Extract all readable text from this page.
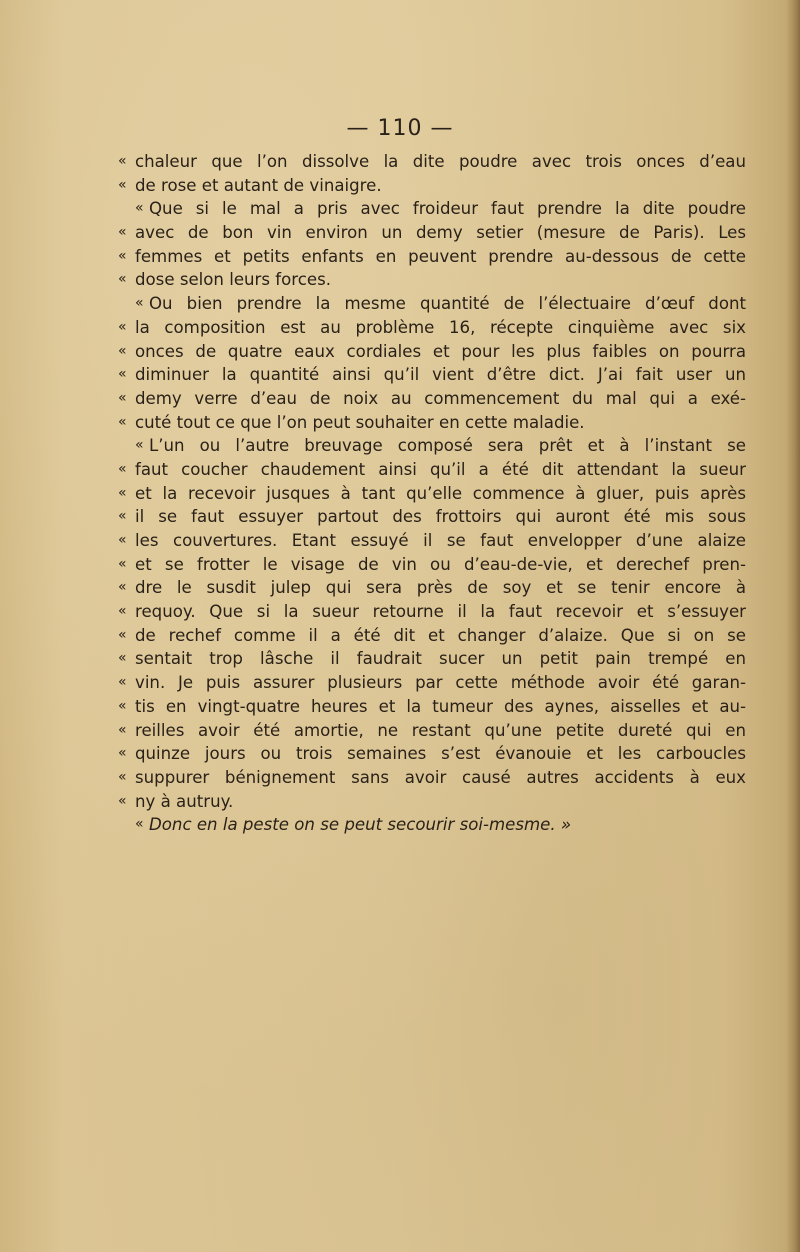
— 110 —
« chaleur que l’on dissolve la dite poudre avec trois onces d’eau
« de rose et autant de vinaigre.
« Que si le mal a pris avec froideur faut prendre la dite poudre
« avec de bon vin environ un demy setier (mesure de Paris). Les
« femmes et petits enfants en peuvent prendre au-dessous de cette
« dose selon leurs forces.
« Ou bien prendre la mesme quantité de l’électuaire d’œuf dont
« la composition est au problème 16, récepte cinquième avec six
« onces de quatre eaux cordiales et pour les plus faibles on pourra
« diminuer la quantité ainsi qu’il vient d’être dict. J’ai fait user un
« demy verre d’eau de noix au commencement du mal qui a exé-
« cuté tout ce que l’on peut souhaiter en cette maladie.
« L’un ou l’autre breuvage composé sera prêt et à l’instant se
« faut coucher chaudement ainsi qu’il a été dit attendant la sueur
« et la recevoir jusques à tant qu’elle commence à gluer, puis après
« il se faut essuyer partout des frottoirs qui auront été mis sous
« les couvertures. Etant essuyé il se faut envelopper d’une alaize
« et se frotter le visage de vin ou d’eau-de-vie, et derechef pren-
« dre le susdit julep qui sera près de soy et se tenir encore à
« requoy. Que si la sueur retourne il la faut recevoir et s’essuyer
« de rechef comme il a été dit et changer d’alaize. Que si on se
« sentait trop lâsche il faudrait sucer un petit pain trempé en
« vin. Je puis assurer plusieurs par cette méthode avoir été garan-
« tis en vingt-quatre heures et la tumeur des aynes, aisselles et au-
« reilles avoir été amortie, ne restant qu’une petite dureté qui en
« quinze jours ou trois semaines s’est évanouie et les carboucles
« suppurer bénignement sans avoir causé autres accidents à eux
« ny à autruy.
« Donc en la peste on se peut secourir soi-mesme. »
